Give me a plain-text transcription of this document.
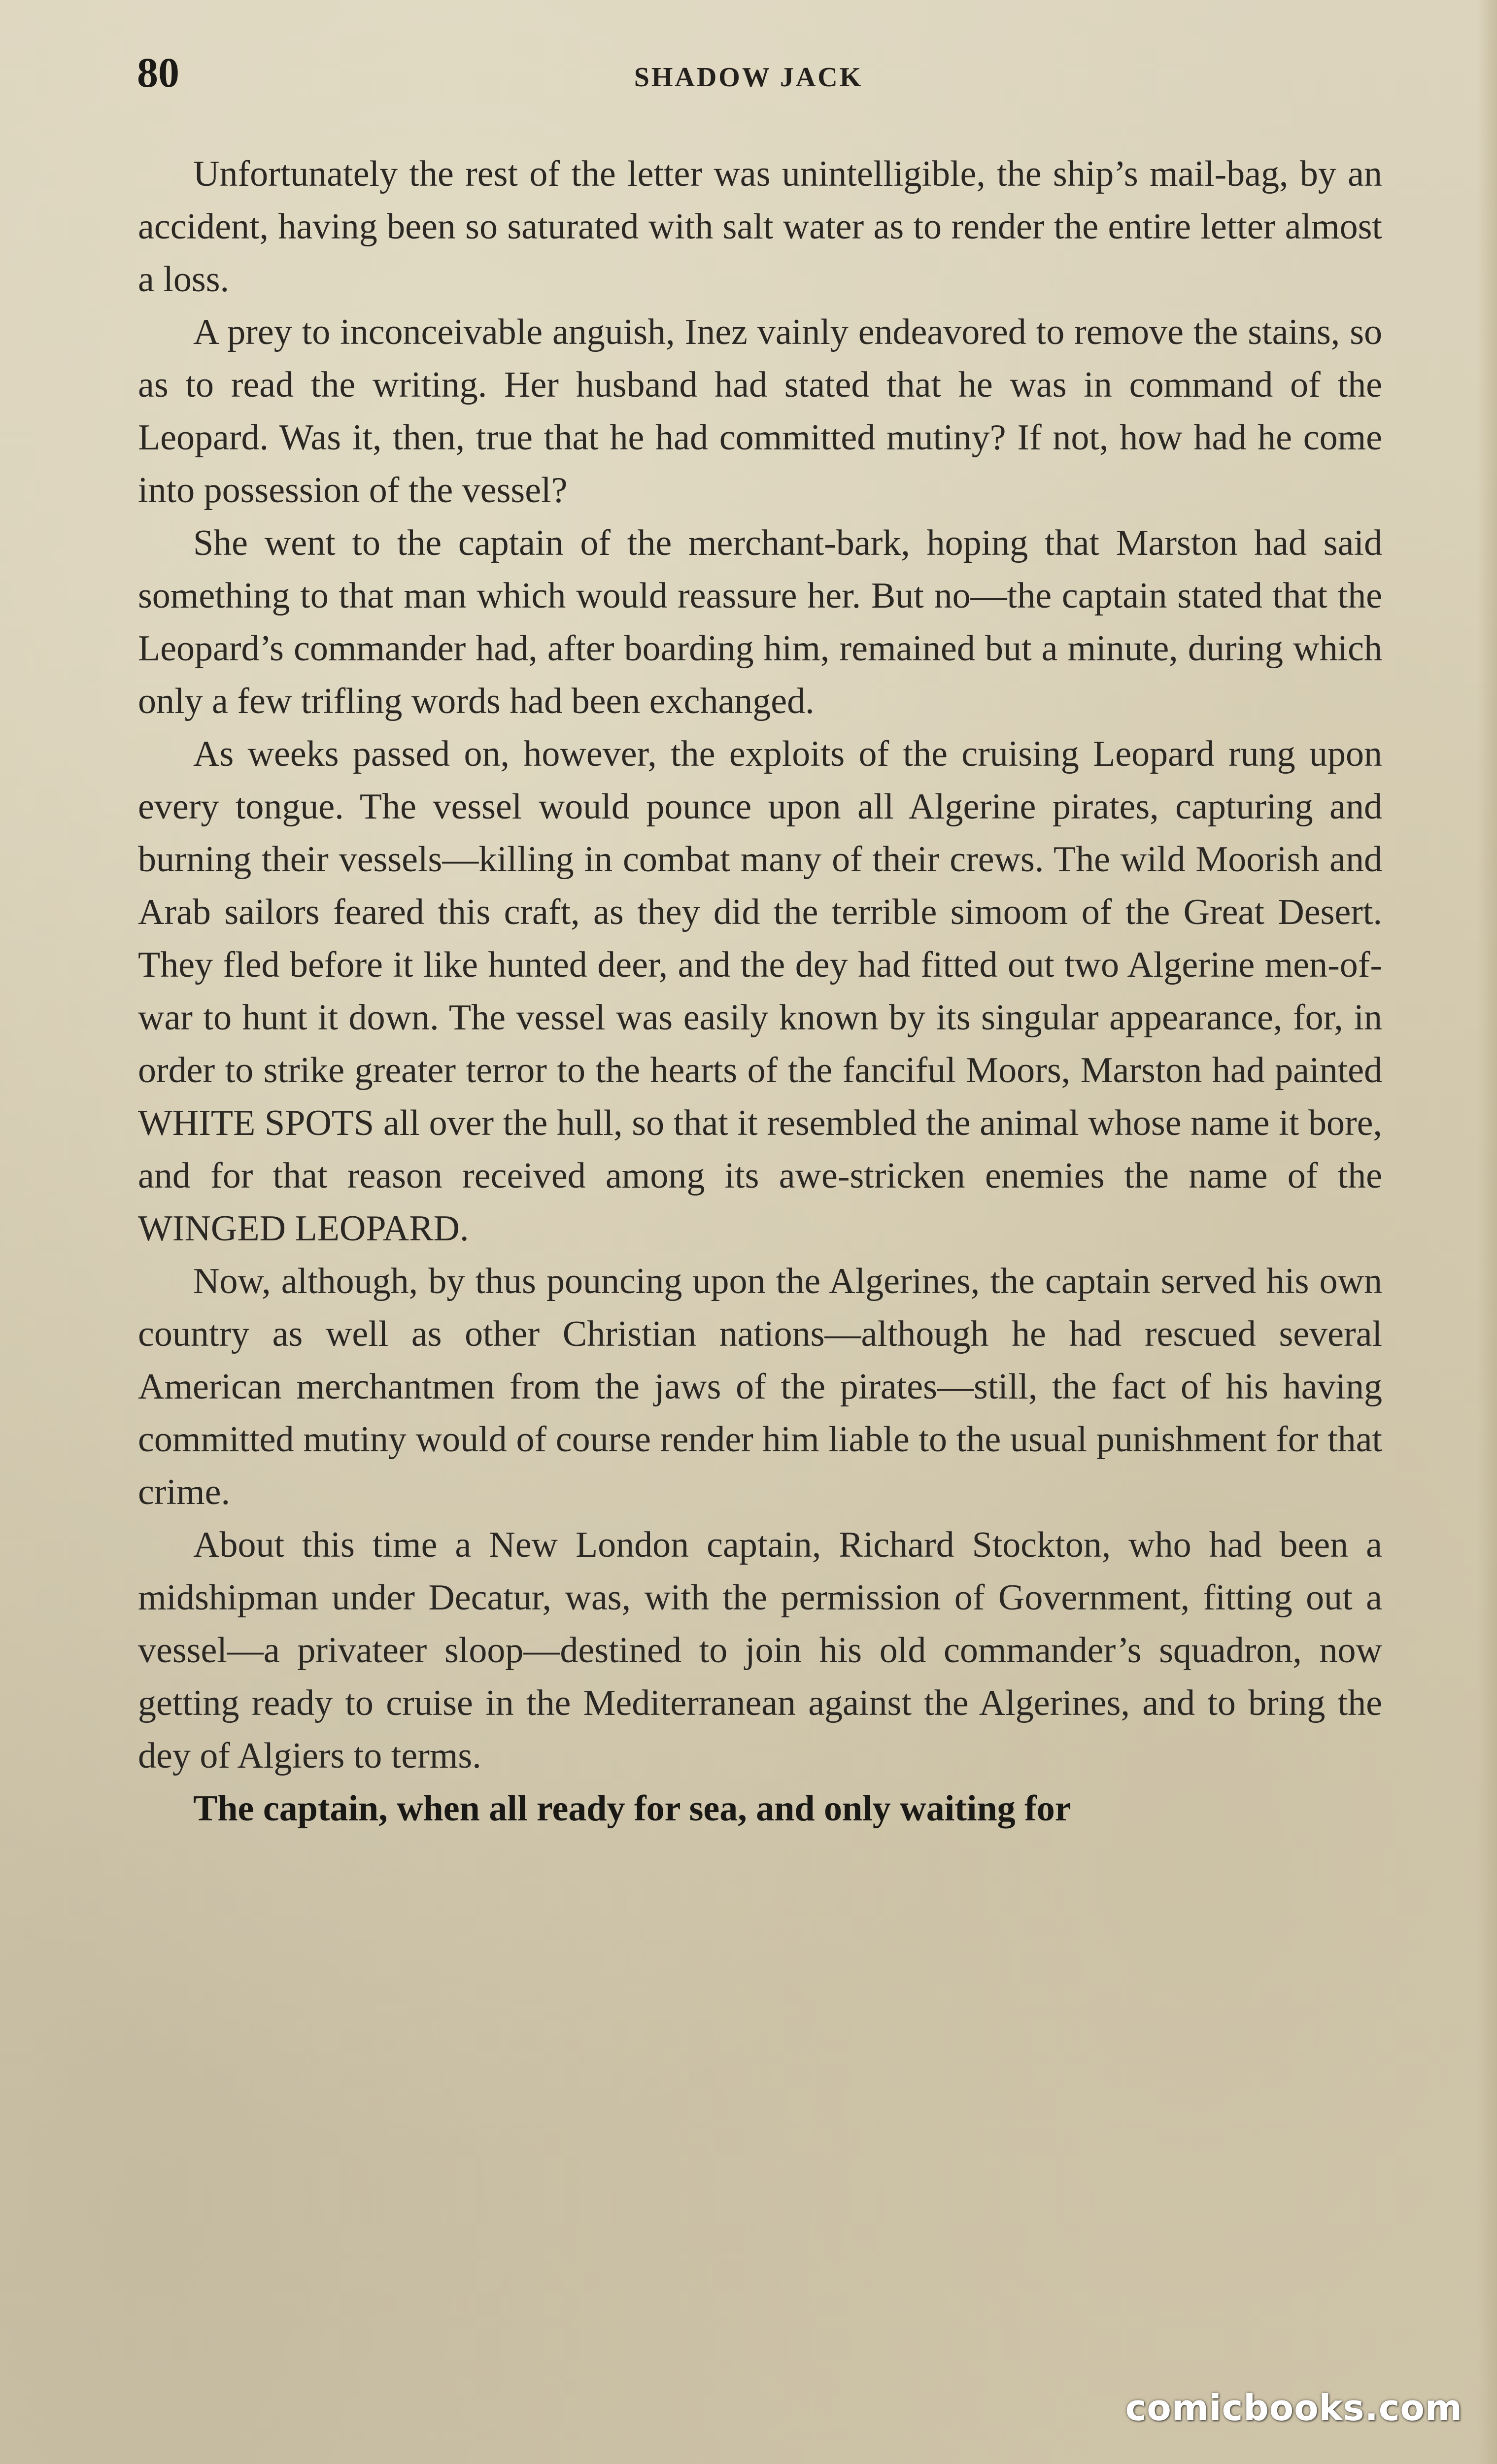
80	SHADOW JACK

Unfortunately the rest of the letter was unintelligible, the ship’s mail-bag, by an accident, having been so saturated with salt water as to render the entire letter almost a loss.

A prey to inconceivable anguish, Inez vainly endeavored to remove the stains, so as to read the writing. Her husband had stated that he was in command of the Leopard. Was it, then, true that he had committed mutiny? If not, how had he come into possession of the vessel?

She went to the captain of the merchant-bark, hoping that Marston had said something to that man which would reassure her. But no—the captain stated that the Leopard’s commander had, after boarding him, remained but a minute, during which only a few trifling words had been exchanged.

As weeks passed on, however, the exploits of the cruising Leopard rung upon every tongue. The vessel would pounce upon all Algerine pirates, capturing and burning their vessels—killing in combat many of their crews. The wild Moorish and Arab sailors feared this craft, as they did the terrible simoom of the Great Desert. They fled before it like hunted deer, and the dey had fitted out two Algerine men-of-war to hunt it down. The vessel was easily known by its singular appearance, for, in order to strike greater terror to the hearts of the fanciful Moors, Marston had painted WHITE SPOTS all over the hull, so that it resembled the animal whose name it bore, and for that reason received among its awe-stricken enemies the name of the WINGED LEOPARD.

Now, although, by thus pouncing upon the Algerines, the captain served his own country as well as other Christian nations—although he had rescued several American merchantmen from the jaws of the pirates—still, the fact of his having committed mutiny would of course render him liable to the usual punishment for that crime.

About this time a New London captain, Richard Stockton, who had been a midshipman under Decatur, was, with the permission of Government, fitting out a vessel—a privateer sloop—destined to join his old commander’s squadron, now getting ready to cruise in the Mediterranean against the Algerines, and to bring the dey of Algiers to terms.

The captain, when all ready for sea, and only waiting for

comicbooks.com
